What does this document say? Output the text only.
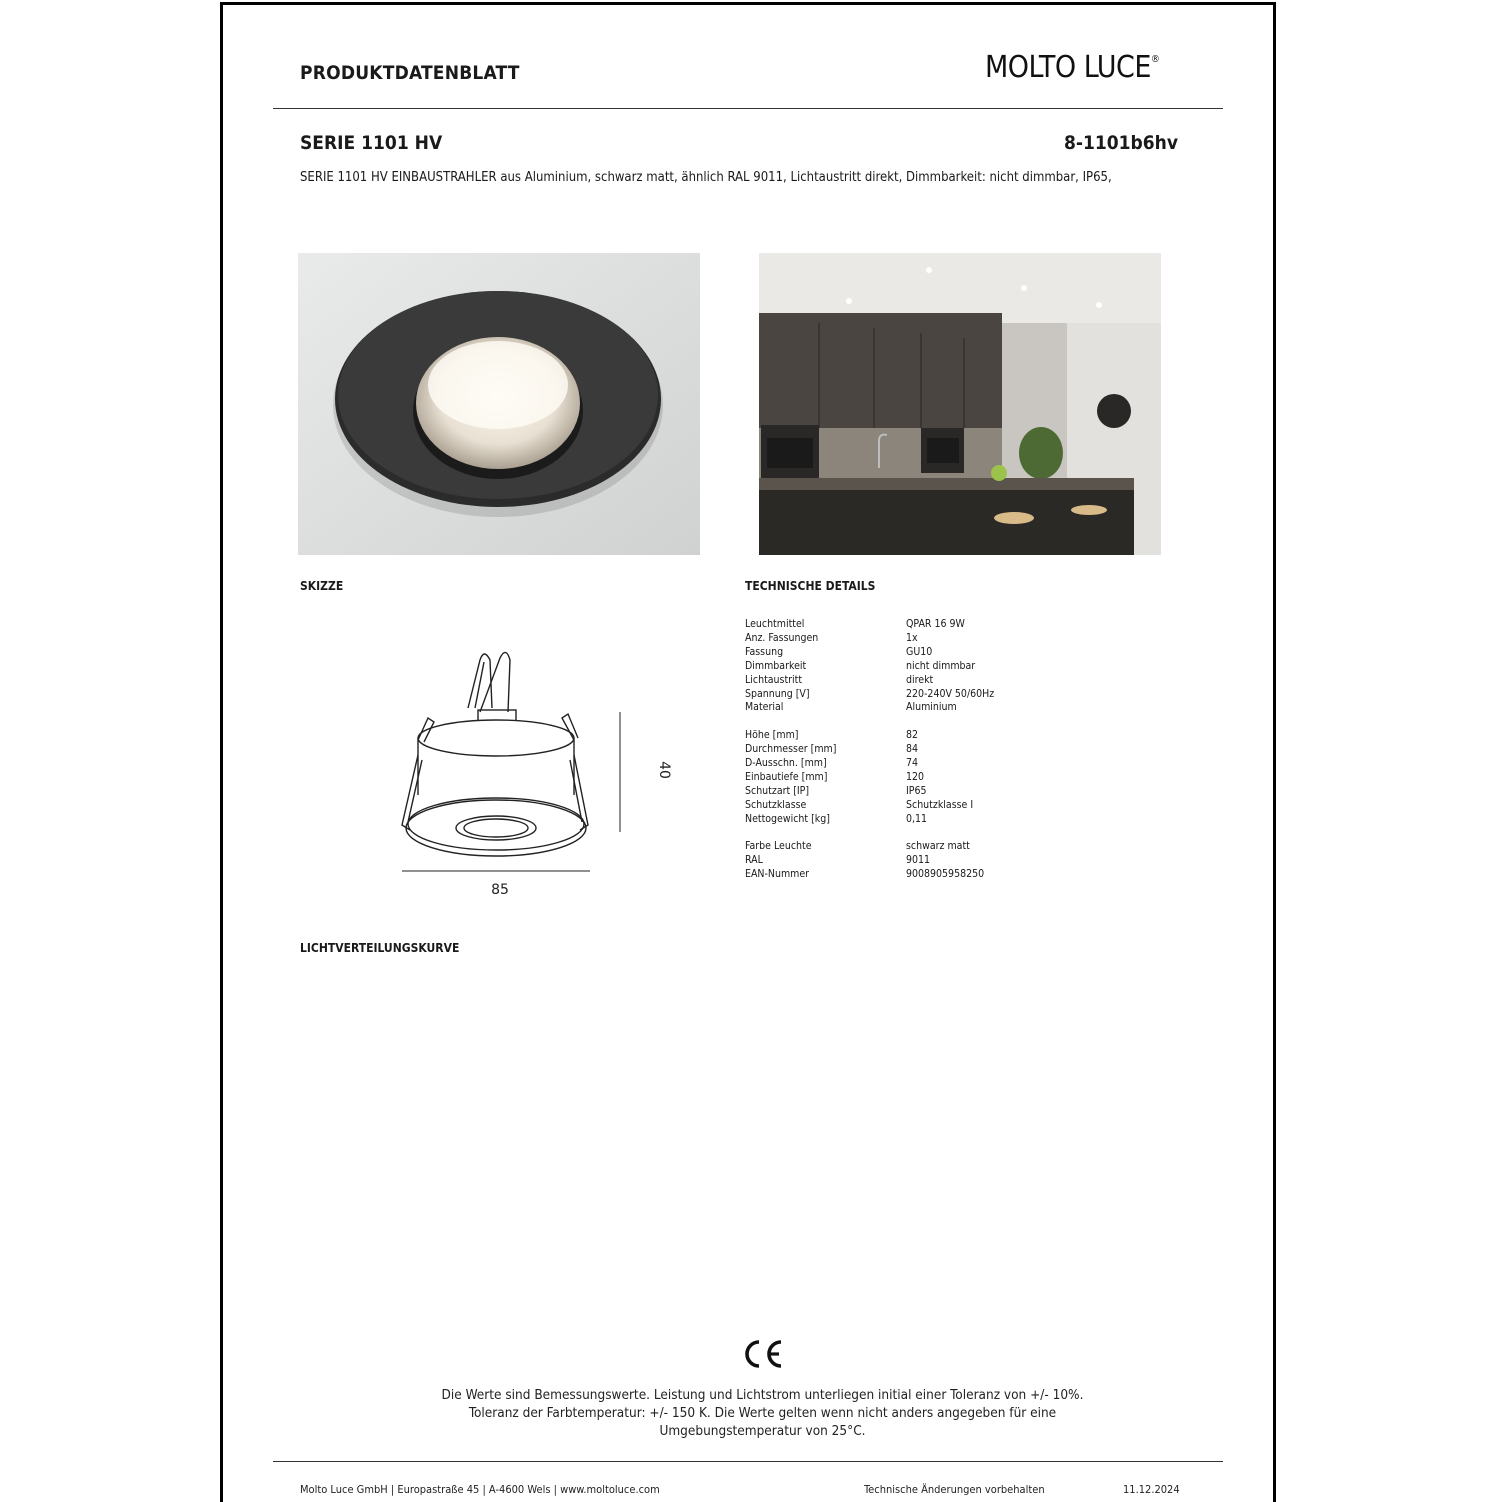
PRODUKTDATENBLATT	MOLTO LUCE®
SERIE 1101 HV	8-1101b6hv
SERIE 1101 HV EINBAUSTRAHLER aus Aluminium, schwarz matt, ähnlich RAL 9011, Lichtaustritt direkt, Dimmbarkeit: nicht dimmbar, IP65,
SKIZZE	TECHNISCHE DETAILS
40
85
Leuchtmittel	QPAR 16 9W
Anz. Fassungen	1x
Fassung	GU10
Dimmbarkeit	nicht dimmbar
Lichtaustritt	direkt
Spannung [V]	220-240V 50/60Hz
Material	Aluminium
Höhe [mm]	82
Durchmesser [mm]	84
D-Ausschn. [mm]	74
Einbautiefe [mm]	120
Schutzart [IP]	IP65
Schutzklasse	Schutzklasse I
Nettogewicht [kg]	0,11
Farbe Leuchte	schwarz matt
RAL	9011
EAN-Nummer	9008905958250
LICHTVERTEILUNGSKURVE
Die Werte sind Bemessungswerte. Leistung und Lichtstrom unterliegen initial einer Toleranz von +/- 10%.
Toleranz der Farbtemperatur: +/- 150 K. Die Werte gelten wenn nicht anders angegeben für eine
Umgebungstemperatur von 25°C.
Molto Luce GmbH | Europastraße 45 | A-4600 Wels | www.moltoluce.com	Technische Änderungen vorbehalten	11.12.2024
